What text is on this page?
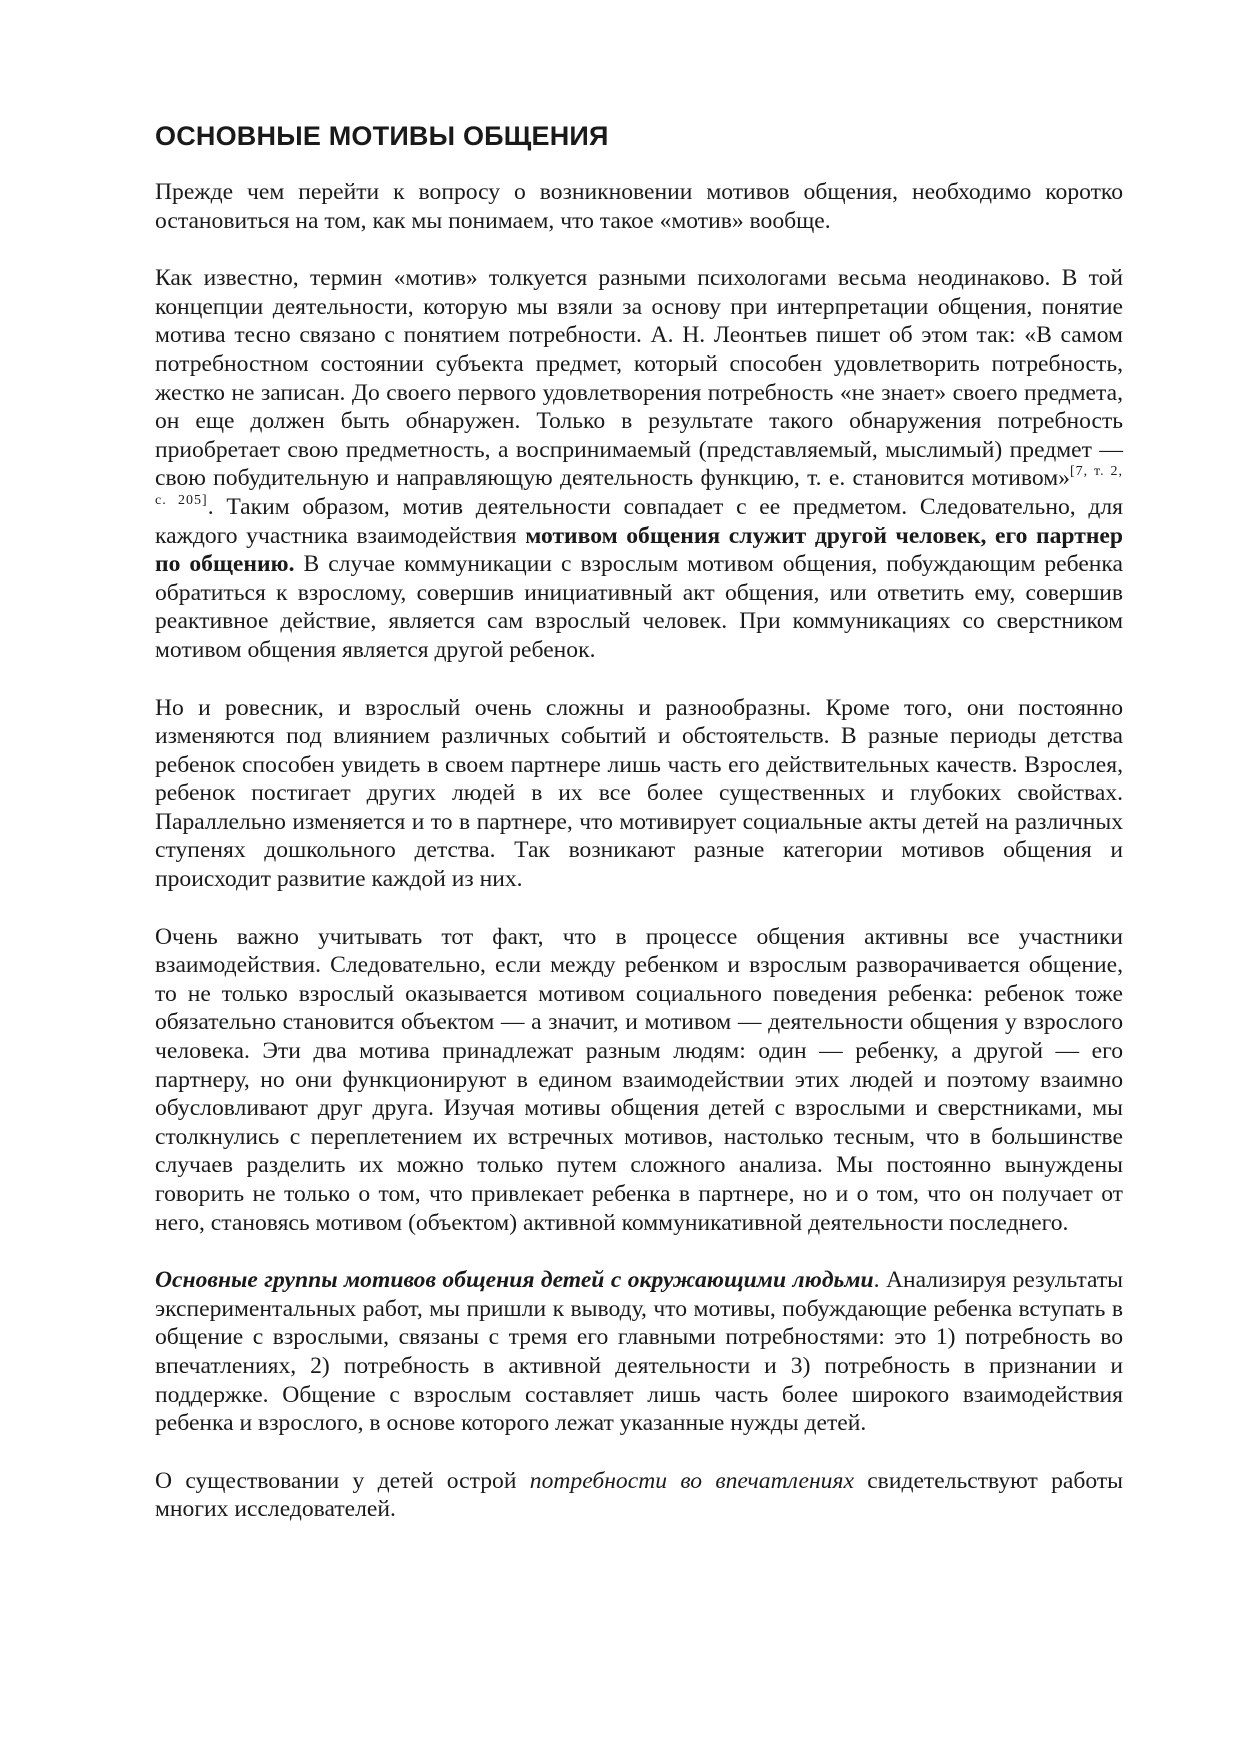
ОСНОВНЫЕ МОТИВЫ ОБЩЕНИЯ

Прежде чем перейти к вопросу о возникновении мотивов общения, необходимо коротко остановиться на том, как мы понимаем, что такое «мотив» вообще.

Как известно, термин «мотив» толкуется разными психологами весьма неодинаково. В той концепции деятельности, которую мы взяли за основу при интерпретации общения, понятие мотива тесно связано с понятием потребности. А. Н. Леонтьев пишет об этом так: «В самом потребностном состоянии субъекта предмет, который способен удовлетворить потребность, жестко не записан. До своего первого удовлетворения потребность «не знает» своего предмета, он еще должен быть обнаружен. Только в результате такого обнаружения потребность приобретает свою предметность, а воспринимаемый (представляемый, мыслимый) предмет — свою побудительную и направляющую деятельность функцию, т. е. становится мотивом»[7, т. 2, с. 205]. Таким образом, мотив деятельности совпадает с ее предметом. Следовательно, для каждого участника взаимодействия мотивом общения служит другой человек, его партнер по общению. В случае коммуникации с взрослым мотивом общения, побуждающим ребенка обратиться к взрослому, совершив инициативный акт общения, или ответить ему, совершив реактивное действие, является сам взрослый человек. При коммуникациях со сверстником мотивом общения является другой ребенок.

Но и ровесник, и взрослый очень сложны и разнообразны. Кроме того, они постоянно изменяются под влиянием различных событий и обстоятельств. В разные периоды детства ребенок способен увидеть в своем партнере лишь часть его действительных качеств. Взрослея, ребенок постигает других людей в их все более существенных и глубоких свойствах. Параллельно изменяется и то в партнере, что мотивирует социальные акты детей на различных ступенях дошкольного детства. Так возникают разные категории мотивов общения и происходит развитие каждой из них.

Очень важно учитывать тот факт, что в процессе общения активны все участники взаимодействия. Следовательно, если между ребенком и взрослым разворачивается общение, то не только взрослый оказывается мотивом социального поведения ребенка: ребенок тоже обязательно становится объектом — а значит, и мотивом — деятельности общения у взрослого человека. Эти два мотива принадлежат разным людям: один — ребенку, а другой — его партнеру, но они функционируют в едином взаимодействии этих людей и поэтому взаимно обусловливают друг друга. Изучая мотивы общения детей с взрослыми и сверстниками, мы столкнулись с переплетением их встречных мотивов, настолько тесным, что в большинстве случаев разделить их можно только путем сложного анализа. Мы постоянно вынуждены говорить не только о том, что привлекает ребенка в партнере, но и о том, что он получает от него, становясь мотивом (объектом) активной коммуникативной деятельности последнего.

Основные группы мотивов общения детей с окружающими людьми. Анализируя результаты экспериментальных работ, мы пришли к выводу, что мотивы, побуждающие ребенка вступать в общение с взрослыми, связаны с тремя его главными потребностями: это 1) потребность во впечатлениях, 2) потребность в активной деятельности и 3) потребность в признании и поддержке. Общение с взрослым составляет лишь часть более широкого взаимодействия ребенка и взрослого, в основе которого лежат указанные нужды детей.

О существовании у детей острой потребности во впечатлениях свидетельствуют работы многих исследователей.
